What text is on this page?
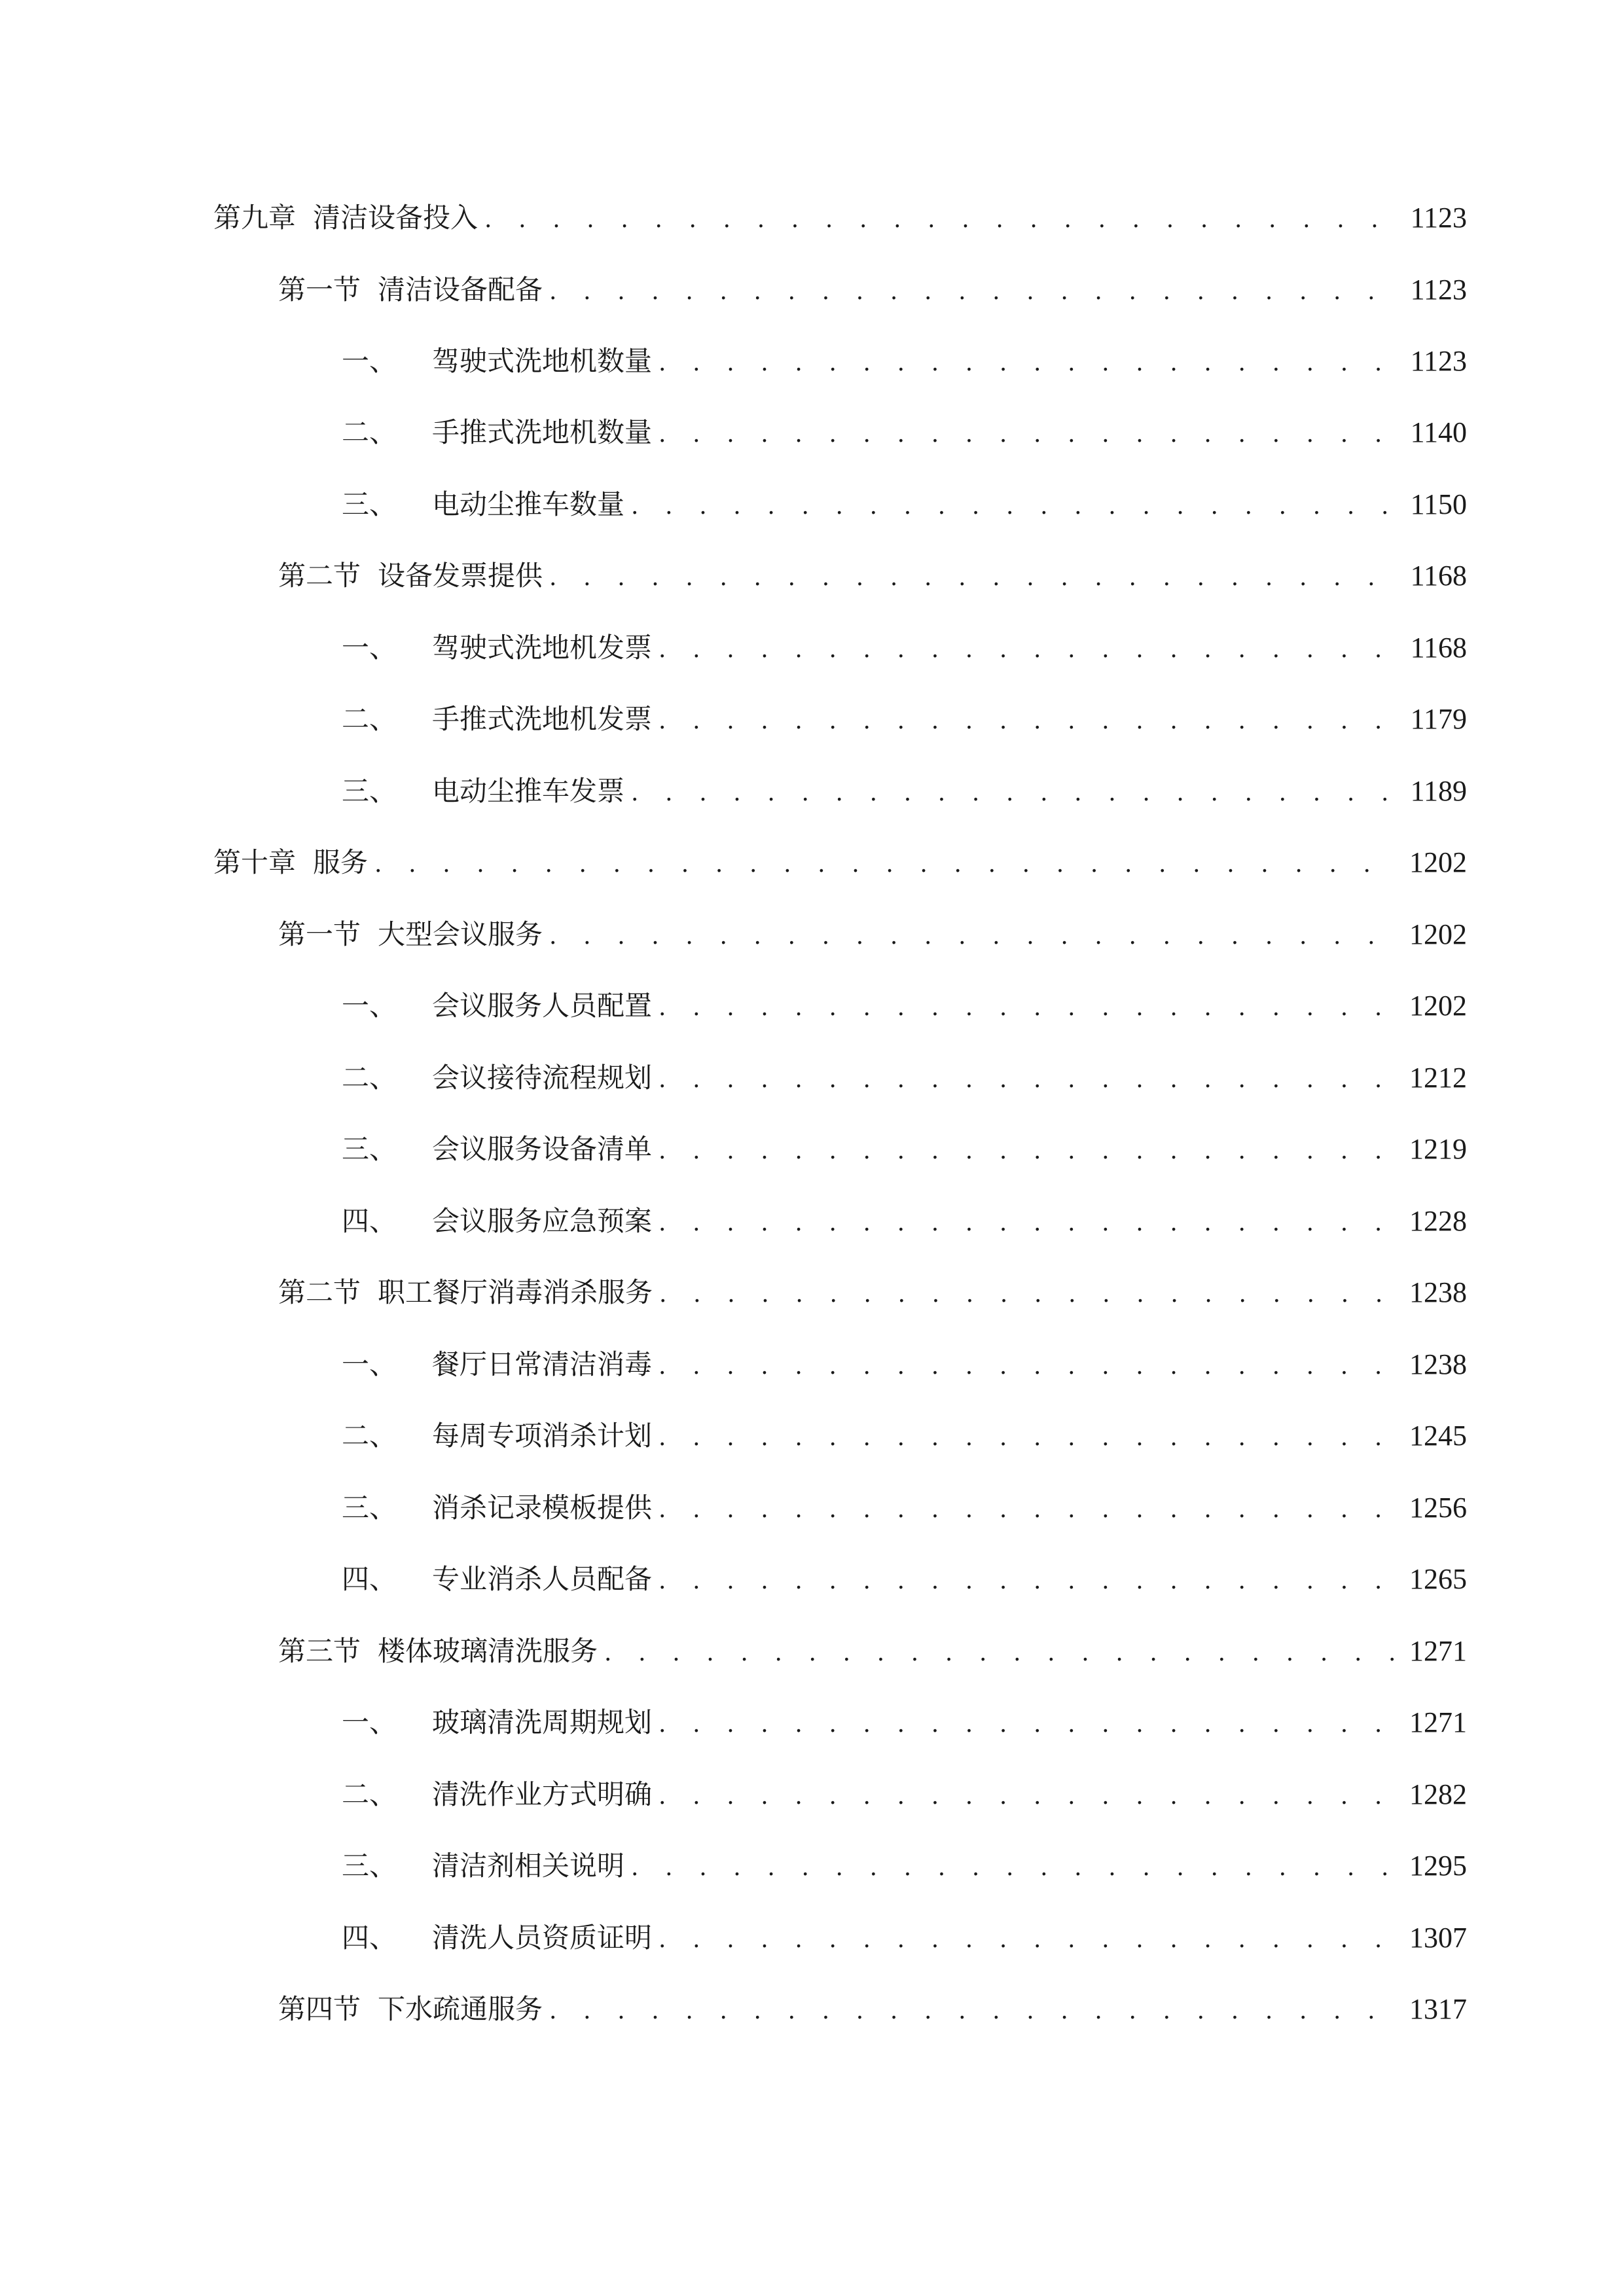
第九章 清洁设备投入 . . .	1123
第一节 清洁设备配备 . . .	1123
一、 驾驶式洗地机数量 . . .	1123
二、 手推式洗地机数量 . . .	1140
三、 电动尘推车数量 . . .	1150
第二节 设备发票提供 . . .	1168
一、 驾驶式洗地机发票 . . .	1168
二、 手推式洗地机发票 . . .	1179
三、 电动尘推车发票 . . .	1189
第十章 服务 . . .	1202
第一节 大型会议服务 . . .	1202
一、 会议服务人员配置 . . .	1202
二、 会议接待流程规划 . . .	1212
三、 会议服务设备清单 . . .	1219
四、 会议服务应急预案 . . .	1228
第二节 职工餐厅消毒消杀服务 . . .	1238
一、 餐厅日常清洁消毒 . . .	1238
二、 每周专项消杀计划 . . .	1245
三、 消杀记录模板提供 . . .	1256
四、 专业消杀人员配备 . . .	1265
第三节 楼体玻璃清洗服务 . . .	1271
一、 玻璃清洗周期规划 . . .	1271
二、 清洗作业方式明确 . . .	1282
三、 清洁剂相关说明 . . .	1295
四、 清洗人员资质证明 . . .	1307
第四节 下水疏通服务 . . .	1317
